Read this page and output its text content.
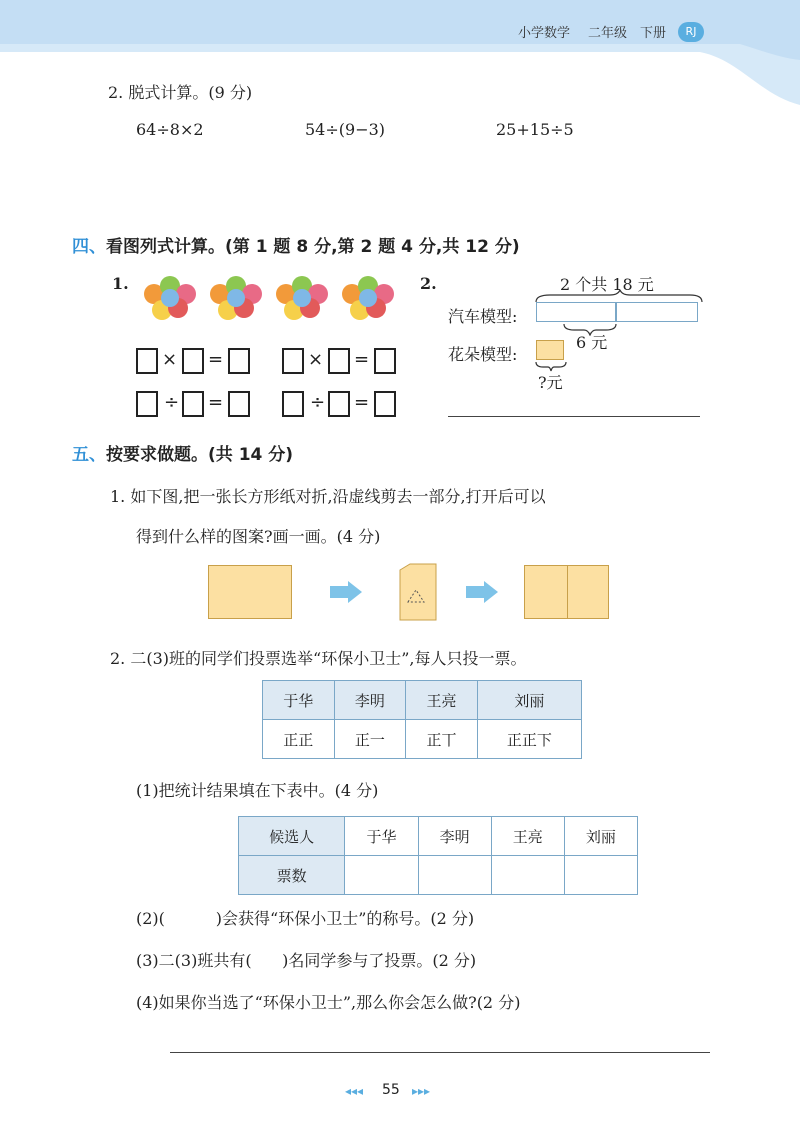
小学数学 二年级 下册	RJ
2. 脱式计算。(9 分)
64÷8×2	54÷(9−3)	25+15÷5
四、看图列式计算。(第 1 题 8 分,第 2 题 4 分,共 12 分)
1.
× =
÷ =
× =
÷ =
2.	2 个共 18 元
汽车模型:
6 元
花朵模型:
?元
五、按要求做题。(共 14 分)
1. 如下图,把一张长方形纸对折,沿虚线剪去一部分,打开后可以
得到什么样的图案?画一画。(4 分)
2. 二(3)班的同学们投票选举“环保小卫士”,每人只投一票。
于华	李明	王亮	刘丽
正正	正一	正丅	正正下
(1)把统计结果填在下表中。(4 分)
候选人	于华	李明	王亮	刘丽
票数				
(2)(          )会获得“环保小卫士”的称号。(2 分)
(3)二(3)班共有(      )名同学参与了投票。(2 分)
(4)如果你当选了“环保小卫士”,那么你会怎么做?(2 分)
◂◂◂ 55 ▸▸▸
